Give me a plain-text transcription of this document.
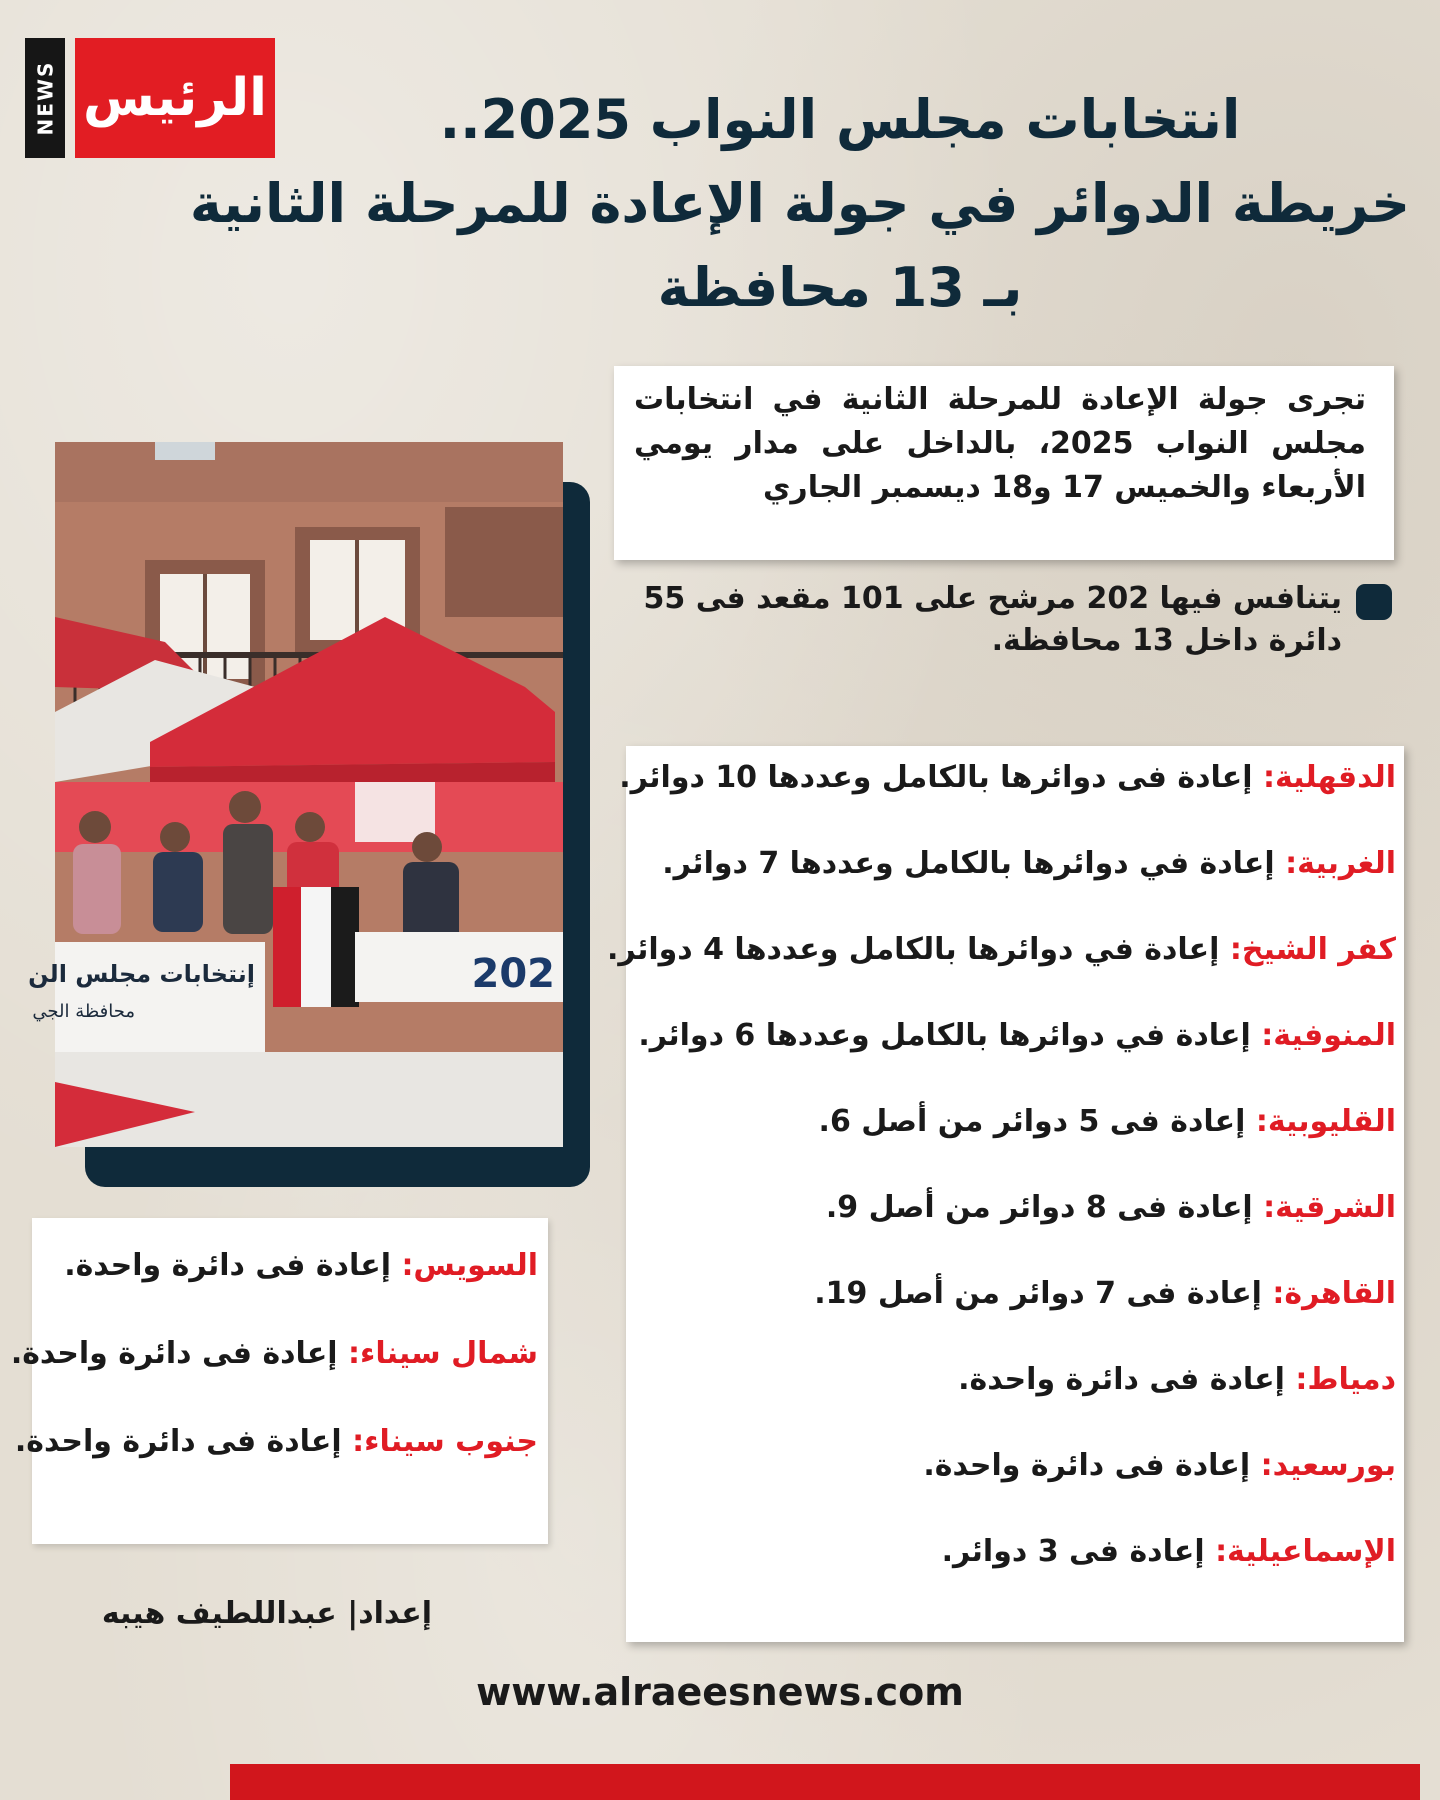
NEWS الرئيس	انتخابات مجلس النواب 2025..
خريطة الدوائر في جولة الإعادة للمرحلة الثانية
بـ 13 محافظة
تجرى جولة الإعادة للمرحلة الثانية في انتخابات مجلس النواب 2025، بالداخل على مدار يومي الأربعاء والخميس 17 و18 ديسمبر الجاري
يتنافس فيها 202 مرشح على 101 مقعد فى 55 دائرة داخل 13 محافظة.
إنتخابات مجلس الن
محافظة الجي
202
الدقهلية: إعادة فى دوائرها بالكامل وعددها 10 دوائر.
الغربية: إعادة في دوائرها بالكامل وعددها 7 دوائر.
كفر الشيخ: إعادة في دوائرها بالكامل وعددها 4 دوائر.
المنوفية: إعادة في دوائرها بالكامل وعددها 6 دوائر.
القليوبية: إعادة فى 5 دوائر من أصل 6.
الشرقية: إعادة فى 8 دوائر من أصل 9.
القاهرة: إعادة فى 7 دوائر من أصل 19.
دمياط: إعادة فى دائرة واحدة.
بورسعيد: إعادة فى دائرة واحدة.
الإسماعيلية: إعادة فى 3 دوائر.
السويس: إعادة فى دائرة واحدة.
شمال سيناء: إعادة فى دائرة واحدة.
جنوب سيناء: إعادة فى دائرة واحدة.
إعداد| عبداللطيف هيبه
www.alraeesnews.com
